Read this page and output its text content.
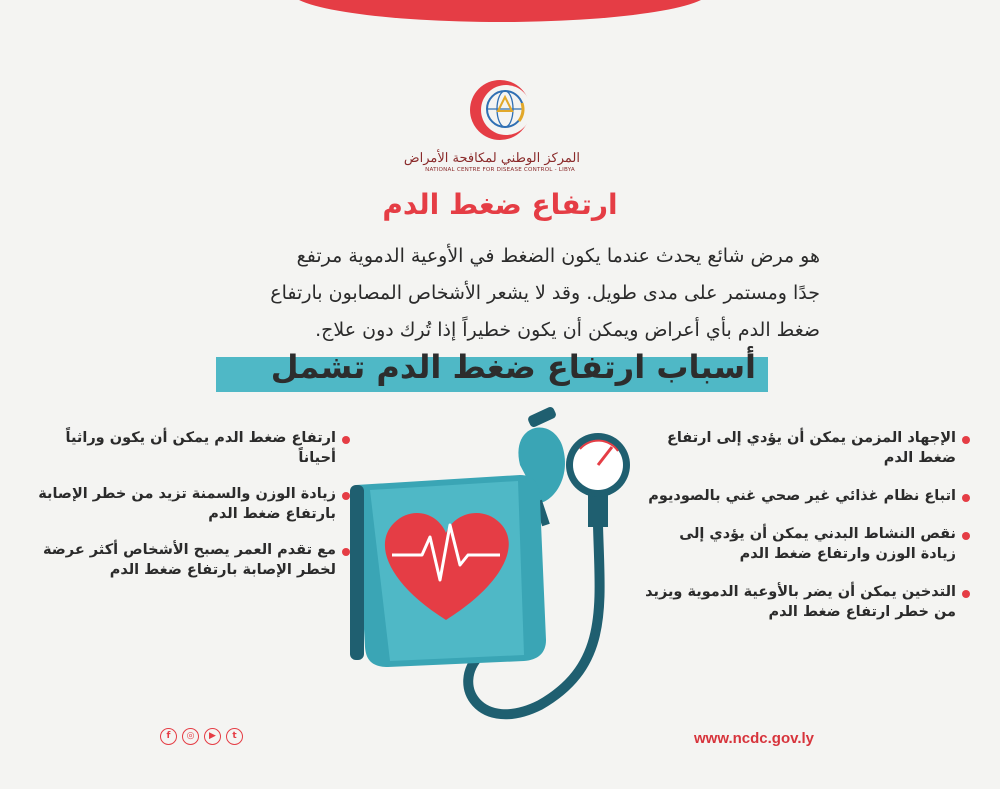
المركز الوطني لمكافحة الأمراض
NATIONAL CENTRE FOR DISEASE CONTROL - LIBYA
ارتفاع ضغط الدم

هو مرض شائع يحدث عندما يكون الضغط في الأوعية الدموية مرتفع

جدًا ومستمر على مدى طويل. وقد لا يشعر الأشخاص المصابون بارتفاع

ضغط الدم بأي أعراض ويمكن أن يكون خطيراً إذا تُرك دون علاج.

أسباب ارتفاع ضغط الدم تشمل
الإجهاد المزمن يمكن أن يؤدي إلى ارتفاع ضغط الدم
اتباع نظام غذائي غير صحي غني بالصوديوم
نقص النشاط البدني يمكن أن يؤدي إلى زيادة الوزن وارتفاع ضغط الدم
التدخين يمكن أن يضر بالأوعية الدموية ويزيد من خطر ارتفاع ضغط الدم
ارتفاع ضغط الدم يمكن أن يكون وراثياً أحياناً
زيادة الوزن والسمنة تزيد من خطر الإصابة بارتفاع ضغط الدم
مع تقدم العمر يصبح الأشخاص أكثر عرضة لخطر الإصابة بارتفاع ضغط الدم
f	◎	▶	t	www.ncdc.gov.ly
